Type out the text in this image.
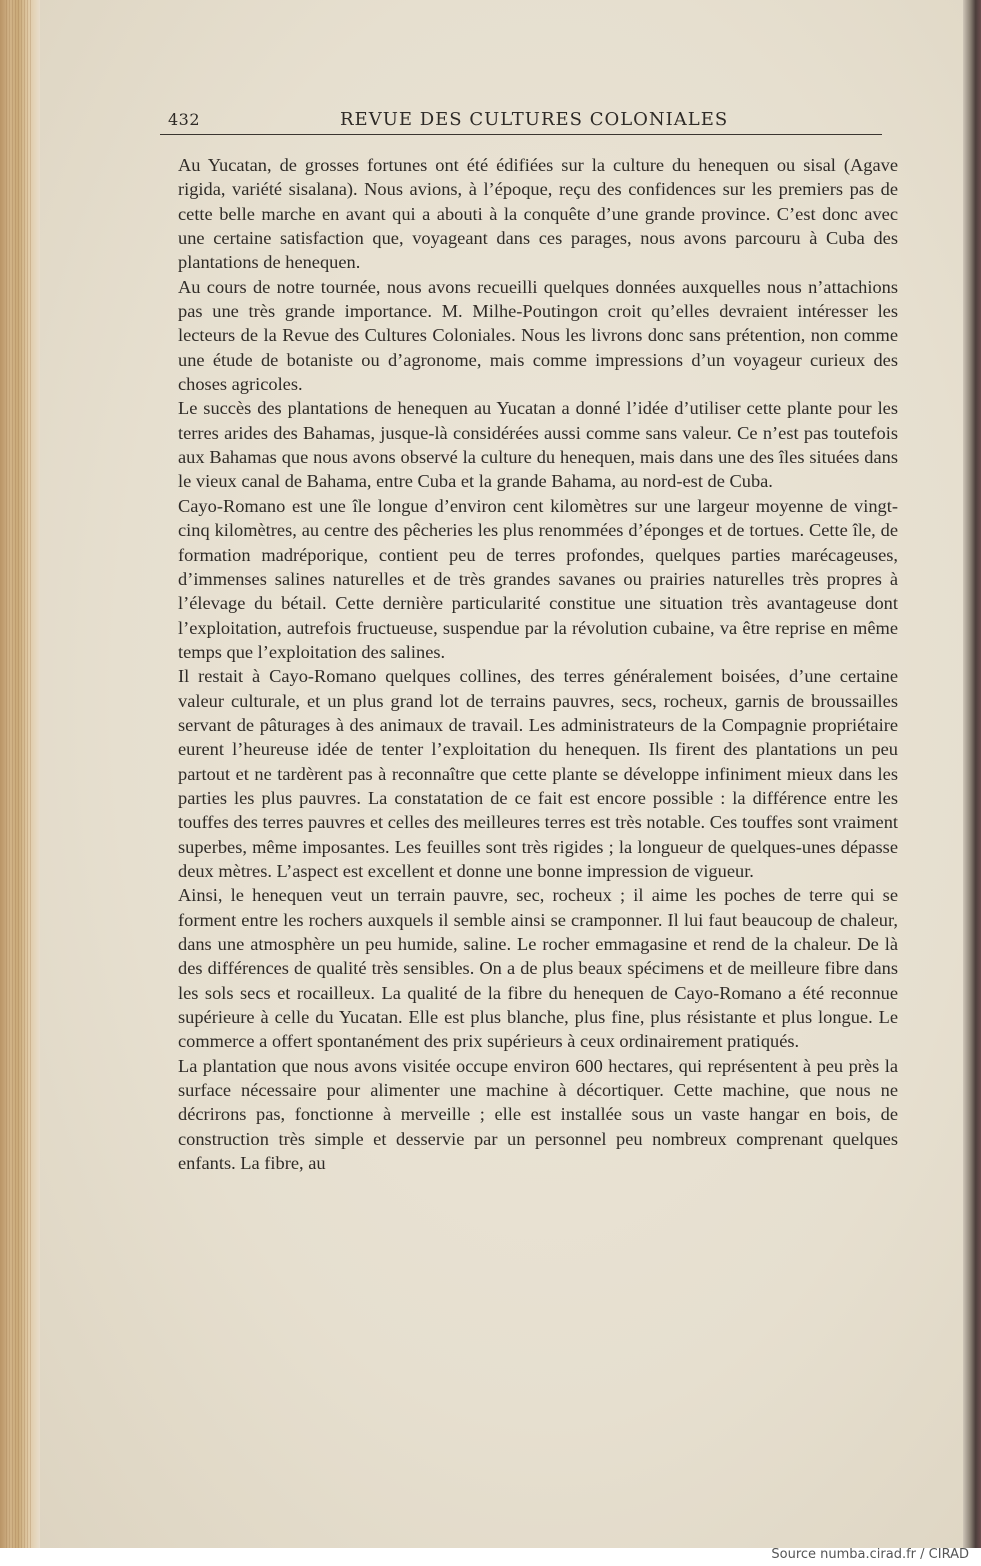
432	REVUE DES CULTURES COLONIALES

Au Yucatan, de grosses fortunes ont été édifiées sur la culture du henequen ou sisal (Agave rigida, variété sisalana). Nous avions, à l’époque, reçu des confidences sur les premiers pas de cette belle marche en avant qui a abouti à la conquête d’une grande province. C’est donc avec une certaine satisfaction que, voyageant dans ces parages, nous avons parcouru à Cuba des plantations de henequen.

Au cours de notre tournée, nous avons recueilli quelques données auxquelles nous n’attachions pas une très grande importance. M. Milhe-Poutingon croit qu’elles devraient intéresser les lecteurs de la Revue des Cultures Coloniales. Nous les livrons donc sans prétention, non comme une étude de botaniste ou d’agronome, mais comme impressions d’un voyageur curieux des choses agricoles.

Le succès des plantations de henequen au Yucatan a donné l’idée d’utiliser cette plante pour les terres arides des Bahamas, jusque-là considérées aussi comme sans valeur. Ce n’est pas toutefois aux Bahamas que nous avons observé la culture du henequen, mais dans une des îles situées dans le vieux canal de Bahama, entre Cuba et la grande Bahama, au nord-est de Cuba.

Cayo-Romano est une île longue d’environ cent kilomètres sur une largeur moyenne de vingt-cinq kilomètres, au centre des pêcheries les plus renommées d’éponges et de tortues. Cette île, de formation madréporique, contient peu de terres profondes, quelques parties marécageuses, d’immenses salines naturelles et de très grandes savanes ou prairies naturelles très propres à l’élevage du bétail. Cette dernière particularité constitue une situation très avantageuse dont l’exploitation, autrefois fructueuse, suspendue par la révolution cubaine, va être reprise en même temps que l’exploitation des salines.

Il restait à Cayo-Romano quelques collines, des terres généralement boisées, d’une certaine valeur culturale, et un plus grand lot de terrains pauvres, secs, rocheux, garnis de broussailles servant de pâturages à des animaux de travail. Les administrateurs de la Compagnie propriétaire eurent l’heureuse idée de tenter l’exploitation du henequen. Ils firent des plantations un peu partout et ne tardèrent pas à reconnaître que cette plante se développe infiniment mieux dans les parties les plus pauvres. La constatation de ce fait est encore possible : la différence entre les touffes des terres pauvres et celles des meilleures terres est très notable. Ces touffes sont vraiment superbes, même imposantes. Les feuilles sont très rigides ; la longueur de quelques-unes dépasse deux mètres. L’aspect est excellent et donne une bonne impression de vigueur.

Ainsi, le henequen veut un terrain pauvre, sec, rocheux ; il aime les poches de terre qui se forment entre les rochers auxquels il semble ainsi se cramponner. Il lui faut beaucoup de chaleur, dans une atmosphère un peu humide, saline. Le rocher emmagasine et rend de la chaleur. De là des différences de qualité très sensibles. On a de plus beaux spécimens et de meilleure fibre dans les sols secs et rocailleux. La qualité de la fibre du henequen de Cayo-Romano a été reconnue supérieure à celle du Yucatan. Elle est plus blanche, plus fine, plus résistante et plus longue. Le commerce a offert spontanément des prix supérieurs à ceux ordinairement pratiqués.

La plantation que nous avons visitée occupe environ 600 hectares, qui représentent à peu près la surface nécessaire pour alimenter une machine à décortiquer. Cette machine, que nous ne décrirons pas, fonctionne à merveille ; elle est installée sous un vaste hangar en bois, de construction très simple et desservie par un personnel peu nombreux comprenant quelques enfants. La fibre, au

Source numba.cirad.fr / CIRAD
